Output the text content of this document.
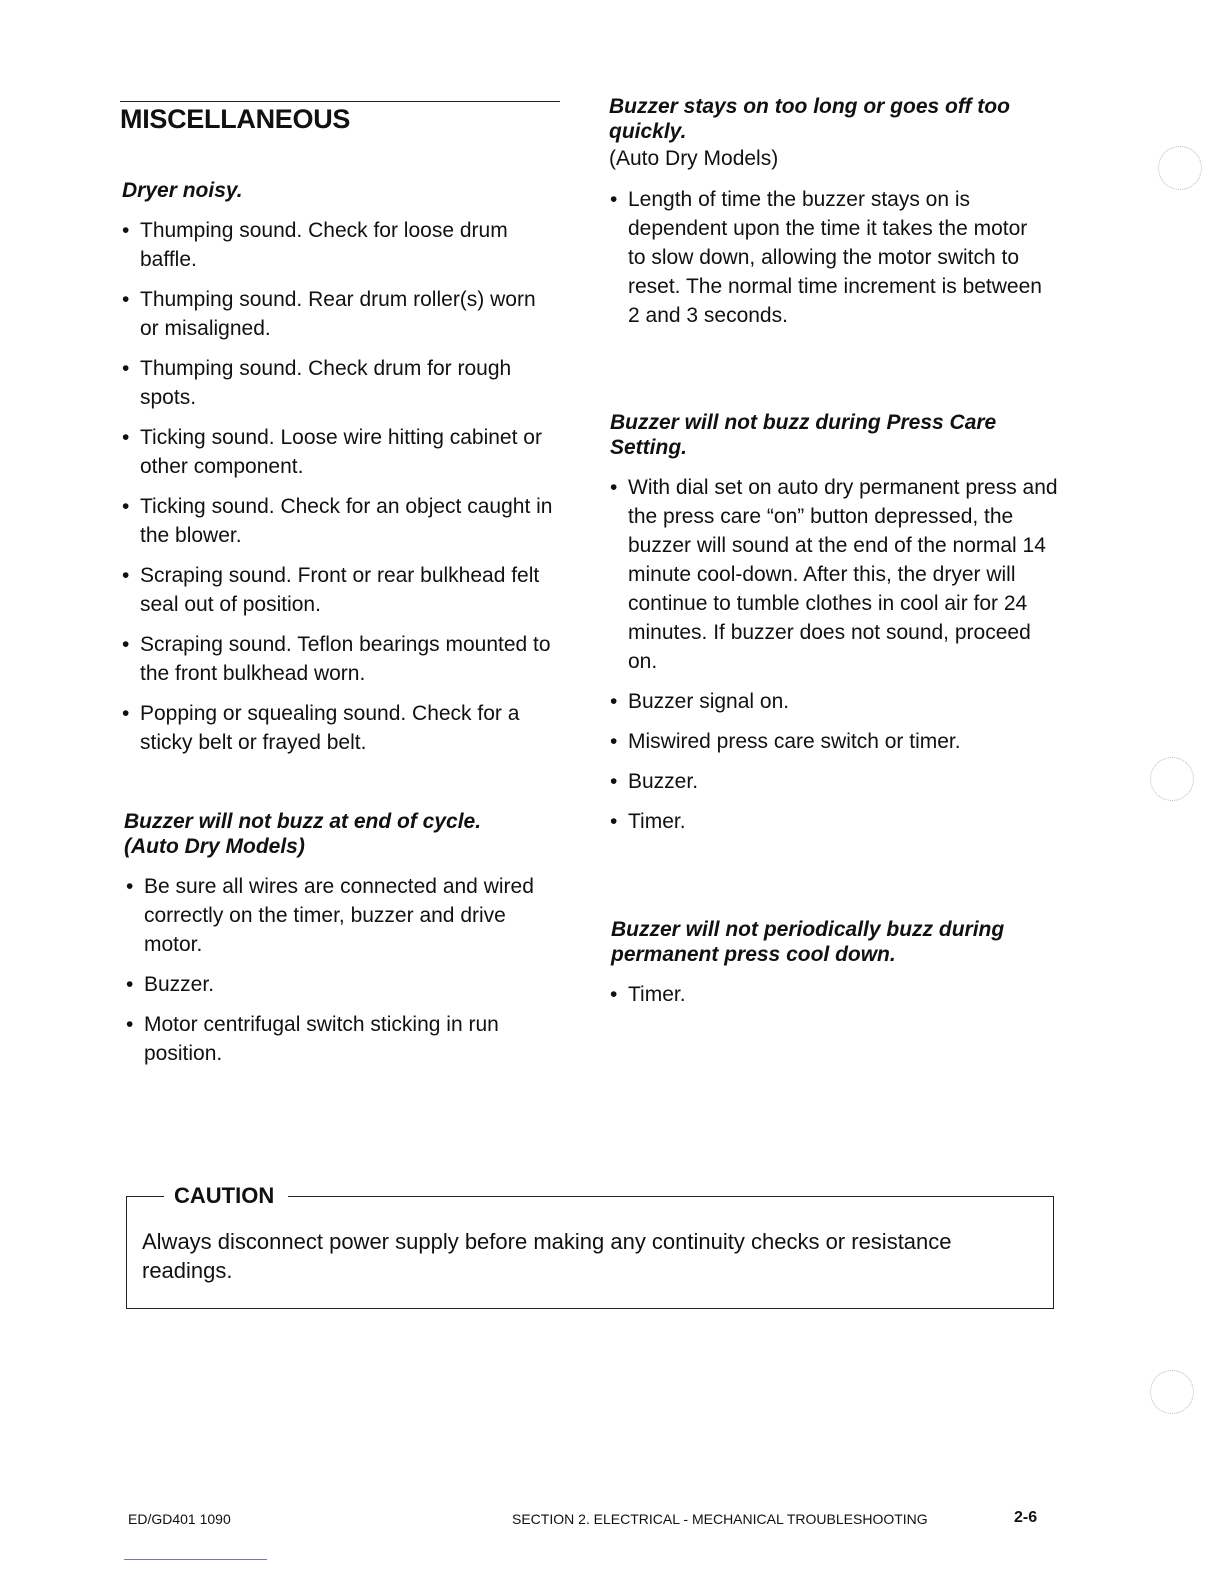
MISCELLANEOUS
Dryer noisy.
• Thumping sound. Check for loose drum baffle.
• Thumping sound. Rear drum roller(s) worn or misaligned.
• Thumping sound. Check drum for rough spots.
• Ticking sound. Loose wire hitting cabinet or other component.
• Ticking sound. Check for an object caught in the blower.
• Scraping sound. Front or rear bulkhead felt seal out of position.
• Scraping sound. Teflon bearings mounted to the front bulkhead worn.
• Popping or squealing sound. Check for a sticky belt or frayed belt.
Buzzer will not buzz at end of cycle.
(Auto Dry Models)
• Be sure all wires are connected and wired correctly on the timer, buzzer and drive motor.
• Buzzer.
• Motor centrifugal switch sticking in run position.
Buzzer stays on too long or goes off too quickly.
(Auto Dry Models)
• Length of time the buzzer stays on is dependent upon the time it takes the motor to slow down, allowing the motor switch to reset. The normal time increment is between 2 and 3 seconds.
Buzzer will not buzz during Press Care Setting.
• With dial set on auto dry permanent press and the press care “on” button depressed, the buzzer will sound at the end of the normal 14 minute cool-down. After this, the dryer will continue to tumble clothes in cool air for 24 minutes. If buzzer does not sound, proceed on.
• Buzzer signal on.
• Miswired press care switch or timer.
• Buzzer.
• Timer.
Buzzer will not periodically buzz during permanent press cool down.
• Timer.
CAUTION
Always disconnect power supply before making any continuity checks or resistance readings.
ED/GD401 1090	SECTION 2. ELECTRICAL - MECHANICAL TROUBLESHOOTING	2-6
